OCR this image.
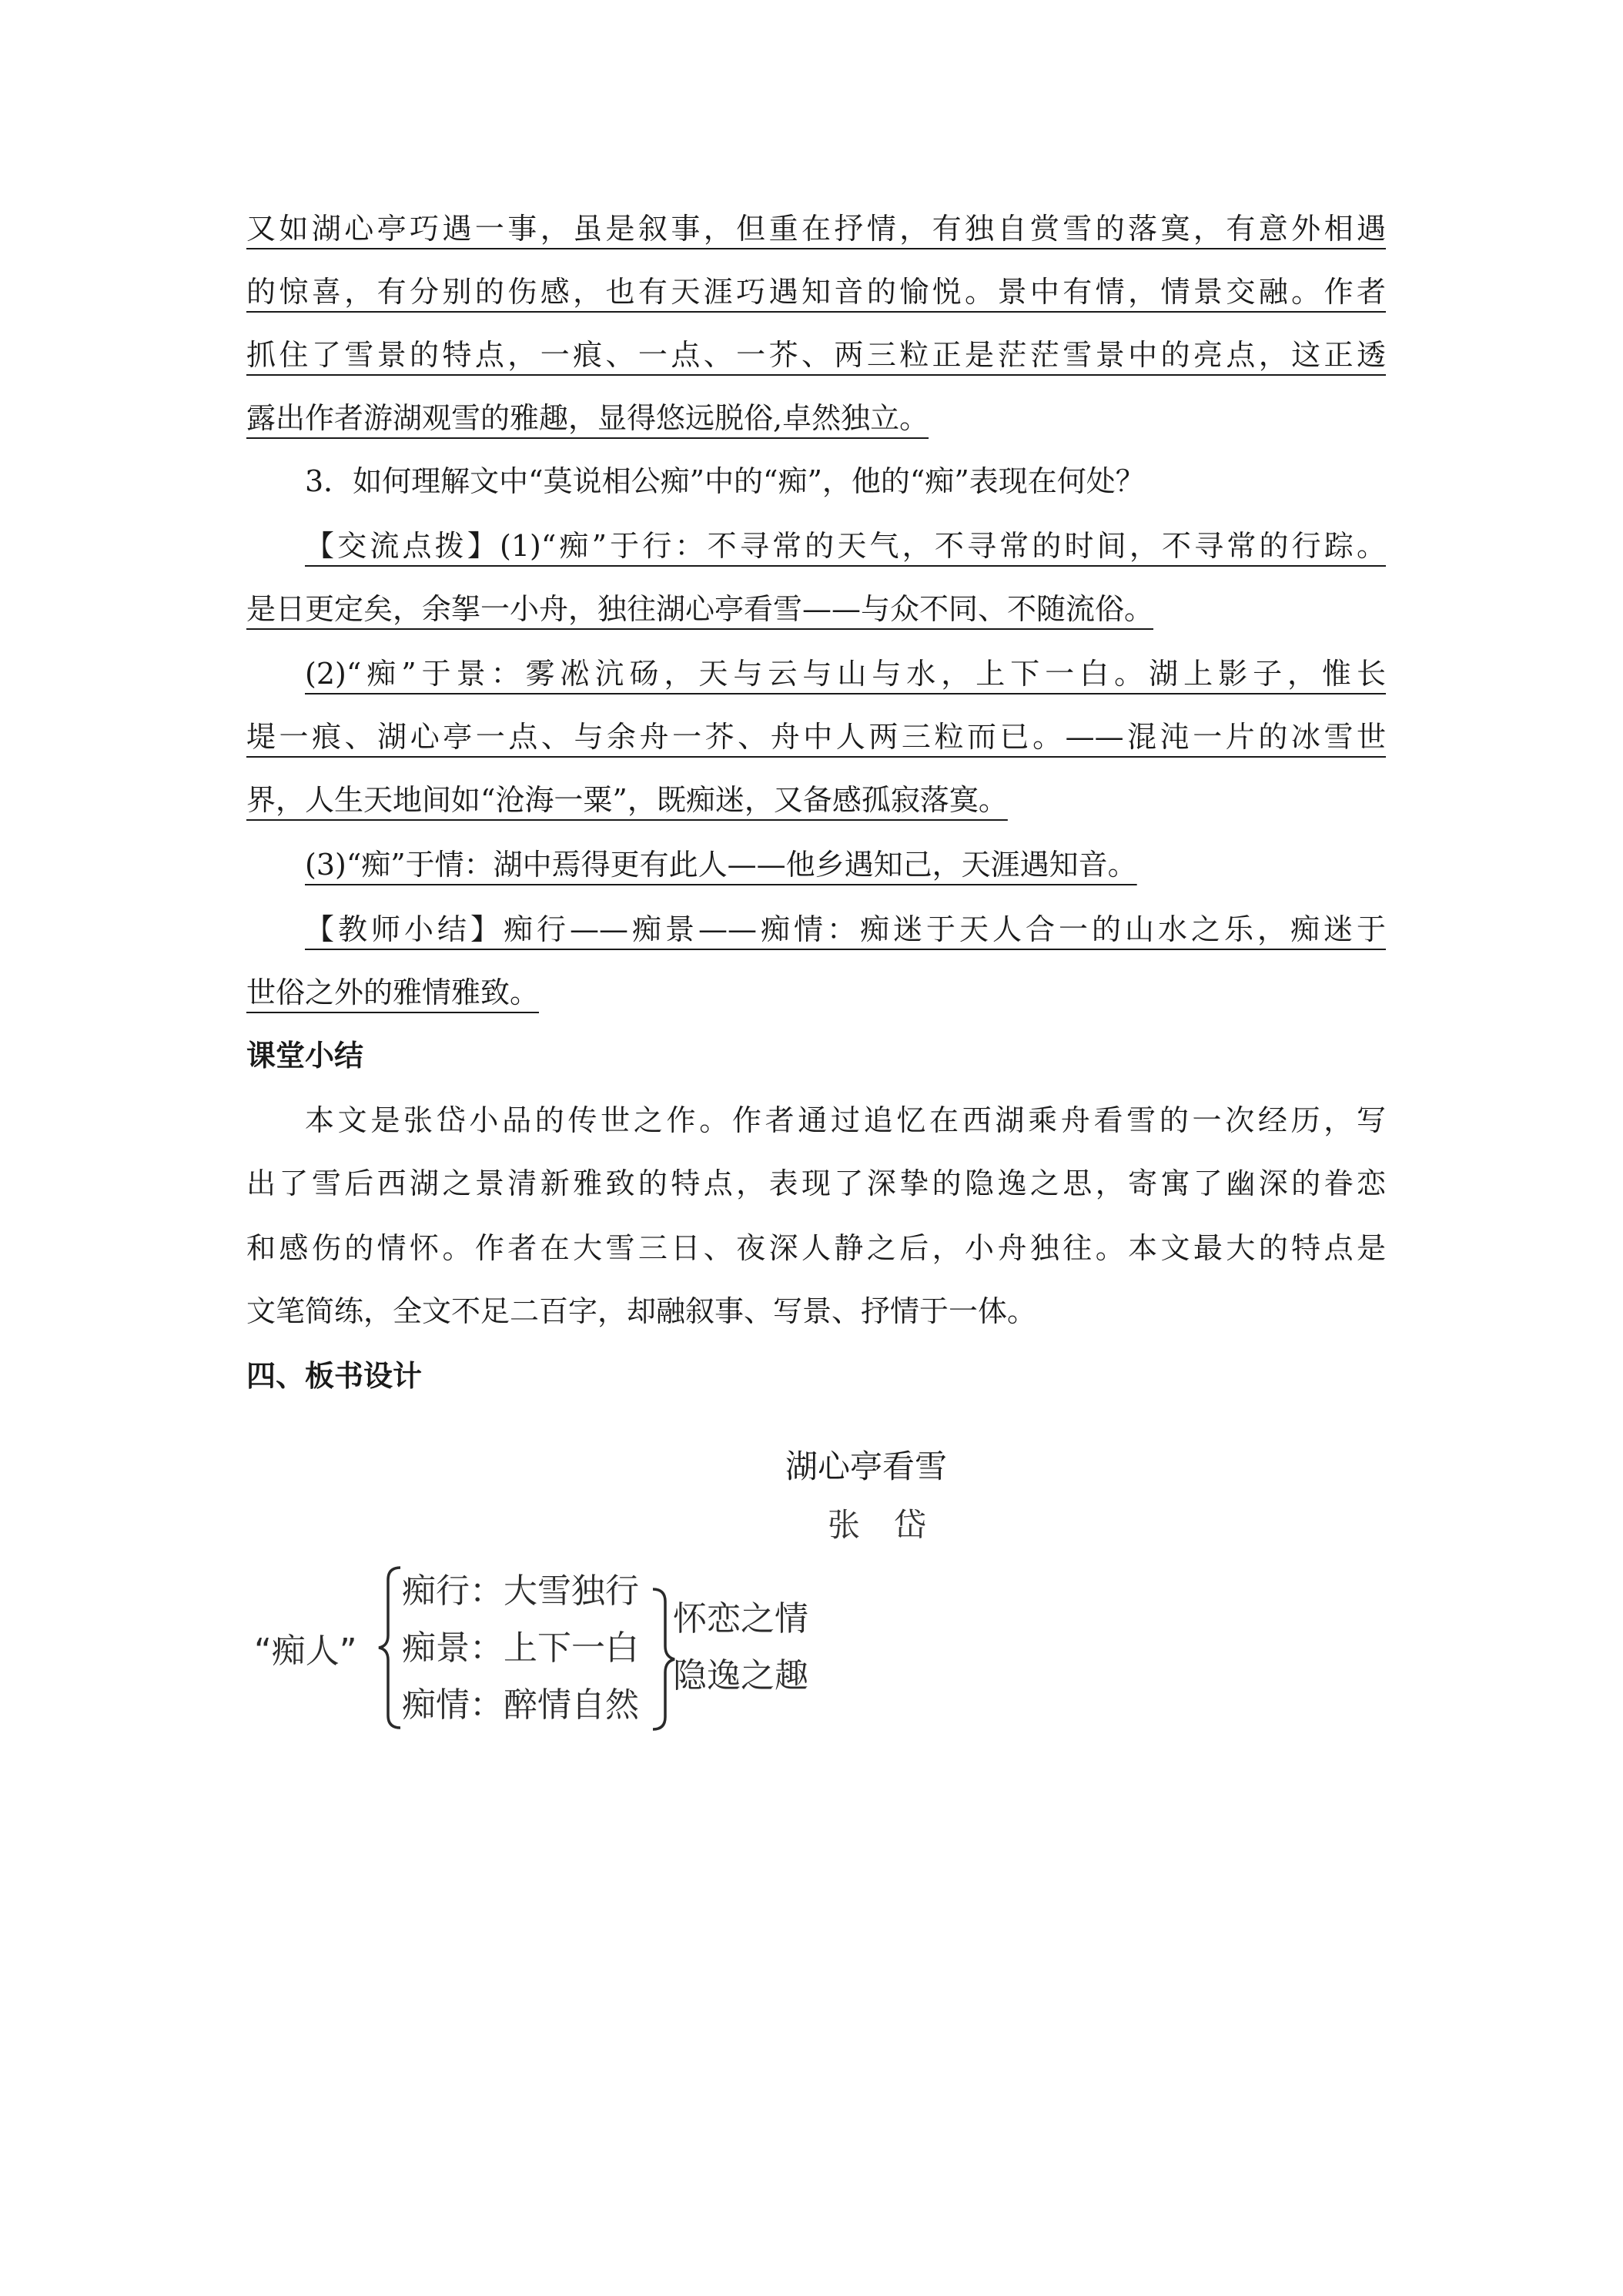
又如湖心亭巧遇一事，虽是叙事，但重在抒情，有独自赏雪的落寞，有意外相遇
的惊喜，有分别的伤感，也有天涯巧遇知音的愉悦。景中有情，情景交融。作者
抓住了雪景的特点，一痕、一点、一芥、两三粒正是茫茫雪景中的亮点，这正透
露出作者游湖观雪的雅趣，显得悠远脱俗,卓然独立。
3．如何理解文中“莫说相公痴”中的“痴”，他的“痴”表现在何处？
【交流点拨】(1)“痴”于行：不寻常的天气，不寻常的时间，不寻常的行踪。
是日更定矣，余挐一小舟，独往湖心亭看雪——与众不同、不随流俗。
(2)“痴”于景：雾凇沆砀，天与云与山与水，上下一白。湖上影子，惟长
堤一痕、湖心亭一点、与余舟一芥、舟中人两三粒而已。——混沌一片的冰雪世
界，人生天地间如“沧海一粟”，既痴迷，又备感孤寂落寞。
(3)“痴”于情：湖中焉得更有此人——他乡遇知己，天涯遇知音。
【教师小结】痴行——痴景——痴情：痴迷于天人合一的山水之乐，痴迷于
世俗之外的雅情雅致。
课堂小结
本文是张岱小品的传世之作。作者通过追忆在西湖乘舟看雪的一次经历，写
出了雪后西湖之景清新雅致的特点，表现了深挚的隐逸之思，寄寓了幽深的眷恋
和感伤的情怀。作者在大雪三日、夜深人静之后，小舟独往。本文最大的特点是
文笔简练，全文不足二百字，却融叙事、写景、抒情于一体。
四、板书设计
湖心亭看雪
张岱
“痴人”
痴行：大雪独行
痴景：上下一白
痴情：醉情自然
怀恋之情
隐逸之趣
